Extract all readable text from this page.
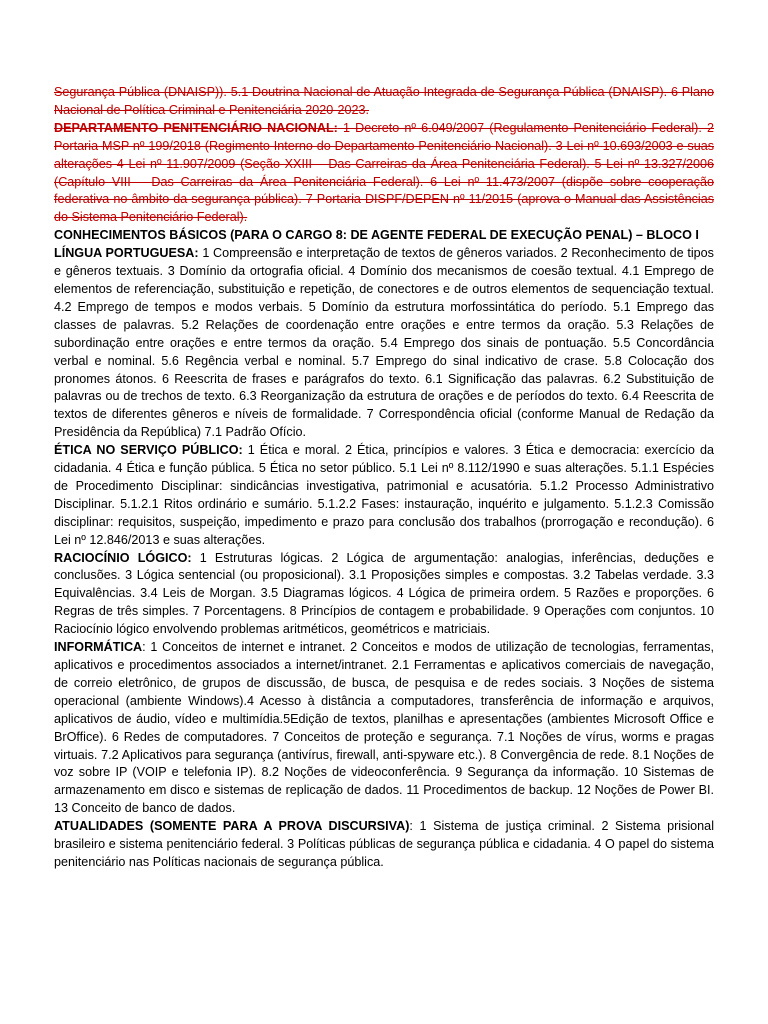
Segurança Pública (DNAISP)). 5.1 Doutrina Nacional de Atuação Integrada de Segurança Pública (DNAISP). 6 Plano Nacional de Política Criminal e Penitenciária 2020-2023.

DEPARTAMENTO PENITENCIÁRIO NACIONAL: 1 Decreto nº 6.049/2007 (Regulamento Penitenciário Federal). 2 Portaria MSP nº 199/2018 (Regimento Interno do Departamento Penitenciário Nacional). 3 Lei nº 10.693/2003 e suas alterações 4 Lei nº 11.907/2009 (Seção XXIII – Das Carreiras da Área Penitenciária Federal). 5 Lei nº 13.327/2006 (Capítulo VIII – Das Carreiras da Área Penitenciária Federal). 6 Lei nº 11.473/2007 (dispõe sobre cooperação federativa no âmbito da segurança pública). 7 Portaria DISPF/DEPEN nº 11/2015 (aprova o Manual das Assistências do Sistema Penitenciário Federal).

CONHECIMENTOS BÁSICOS (PARA O CARGO 8: DE AGENTE FEDERAL DE EXECUÇÃO PENAL) – BLOCO I

LÍNGUA PORTUGUESA: 1 Compreensão e interpretação de textos de gêneros variados. 2 Reconhecimento de tipos e gêneros textuais. 3 Domínio da ortografia oficial. 4 Domínio dos mecanismos de coesão textual. 4.1 Emprego de elementos de referenciação, substituição e repetição, de conectores e de outros elementos de sequenciação textual. 4.2 Emprego de tempos e modos verbais. 5 Domínio da estrutura morfossintática do período. 5.1 Emprego das classes de palavras. 5.2 Relações de coordenação entre orações e entre termos da oração. 5.3 Relações de subordinação entre orações e entre termos da oração. 5.4 Emprego dos sinais de pontuação. 5.5 Concordância verbal e nominal. 5.6 Regência verbal e nominal. 5.7 Emprego do sinal indicativo de crase. 5.8 Colocação dos pronomes átonos. 6 Reescrita de frases e parágrafos do texto. 6.1 Significação das palavras. 6.2 Substituição de palavras ou de trechos de texto. 6.3 Reorganização da estrutura de orações e de períodos do texto. 6.4 Reescrita de textos de diferentes gêneros e níveis de formalidade. 7 Correspondência oficial (conforme Manual de Redação da Presidência da República) 7.1 Padrão Ofício.

ÉTICA NO SERVIÇO PÚBLICO: 1 Ética e moral. 2 Ética, princípios e valores. 3 Ética e democracia: exercício da cidadania. 4 Ética e função pública. 5 Ética no setor público. 5.1 Lei nº 8.112/1990 e suas alterações. 5.1.1 Espécies de Procedimento Disciplinar: sindicâncias investigativa, patrimonial e acusatória. 5.1.2 Processo Administrativo Disciplinar. 5.1.2.1 Ritos ordinário e sumário. 5.1.2.2 Fases: instauração, inquérito e julgamento. 5.1.2.3 Comissão disciplinar: requisitos, suspeição, impedimento e prazo para conclusão dos trabalhos (prorrogação e recondução). 6 Lei nº 12.846/2013 e suas alterações.

RACIOCÍNIO LÓGICO: 1 Estruturas lógicas. 2 Lógica de argumentação: analogias, inferências, deduções e conclusões. 3 Lógica sentencial (ou proposicional). 3.1 Proposições simples e compostas. 3.2 Tabelas verdade. 3.3 Equivalências. 3.4 Leis de Morgan. 3.5 Diagramas lógicos. 4 Lógica de primeira ordem. 5 Razões e proporções. 6 Regras de três simples. 7 Porcentagens. 8 Princípios de contagem e probabilidade. 9 Operações com conjuntos. 10 Raciocínio lógico envolvendo problemas aritméticos, geométricos e matriciais.

INFORMÁTICA: 1 Conceitos de internet e intranet. 2 Conceitos e modos de utilização de tecnologias, ferramentas, aplicativos e procedimentos associados a internet/intranet. 2.1 Ferramentas e aplicativos comerciais de navegação, de correio eletrônico, de grupos de discussão, de busca, de pesquisa e de redes sociais. 3 Noções de sistema operacional (ambiente Windows).4 Acesso à distância a computadores, transferência de informação e arquivos, aplicativos de áudio, vídeo e multimídia.5Edição de textos, planilhas e apresentações (ambientes Microsoft Office e BrOffice). 6 Redes de computadores. 7 Conceitos de proteção e segurança. 7.1 Noções de vírus, worms e pragas virtuais. 7.2 Aplicativos para segurança (antivírus, firewall, anti-spyware etc.). 8 Convergência de rede. 8.1 Noções de voz sobre IP (VOIP e telefonia IP). 8.2 Noções de videoconferência. 9 Segurança da informação. 10 Sistemas de armazenamento em disco e sistemas de replicação de dados. 11 Procedimentos de backup. 12 Noções de Power BI. 13 Conceito de banco de dados.

ATUALIDADES (SOMENTE PARA A PROVA DISCURSIVA): 1 Sistema de justiça criminal. 2 Sistema prisional brasileiro e sistema penitenciário federal. 3 Políticas públicas de segurança pública e cidadania. 4 O papel do sistema penitenciário nas Políticas nacionais de segurança pública.
